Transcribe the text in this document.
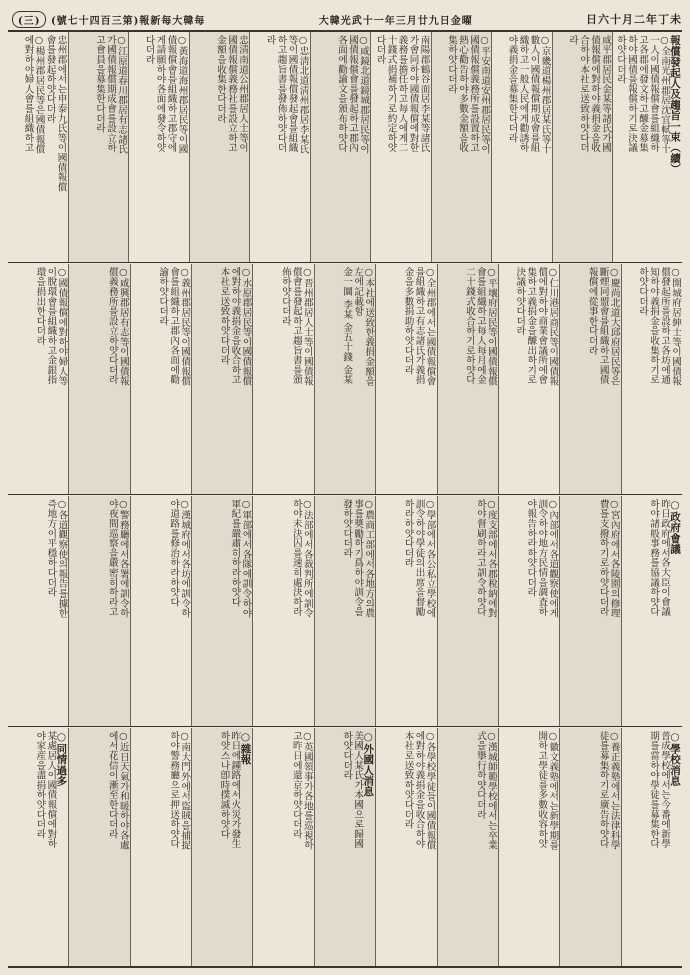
(三) (號七十四百三第)報新每大韓每	大韓光武十一年三月廿九日金曜	日六十月二年丁未
報償發起人及趨旨一束（續）
○全南光州郡居沈宜軾等十
一人이國債報償會를組織하
고各郡에發文하고醵金募集
하야國債를報償하기로決議
하얏다더라
咸平郡居民金某等諸氏가國
債報償에對하야義捐金을收
合하야本社로送致하얏다더
라
○京畿道楊州郡居某氏等十
數人이國債報償期成會를組
織하고一般人民에게勸誘하
야義捐金을募集한다더라
○平安南道安州郡居民等이
國債報償義務所를設置하고
熱心勸告하야多數金額을收
集하얏다더라
南陽郡鶴谷面居李某等諸氏
가會同하야國債報償에對한
義務를擔任하고每人에게二
十錢式捐補하기로約定하얏
다더라
○咸鏡北道鏡城郡居民等이
國債報償會를發起하고郡內
各面에勸諭文을頒布하얏다
○忠淸北道淸州郡居李某氏
等이國債報償發起會를組織
하고趨旨書를發佈하얏다더
라
忠淸南道公州郡居人士等이
國債報償義務社를設立하고
金額을收集한다더라
○黃海道海州郡居民等이國
債報償會를組織하고郡守에
게請願하야各面에發令하얏
다더라
○江原道春川郡居有志諸氏
가國債報償期成會를設立하
고會員을募集한다더라
忠州郡에서는申泰九氏等이國債報償
會를發起하얏다더라
○楊州郡居民等은國債報償
에對하야婦人會를組織하고
○開城府居紳士等이國債報
償發起所를設하고各坊에通
知하야義捐金을收集하기로
하얏다더라
○慶尚北道大邱府居民等은
斷煙同盟會를組織하고國債
報償에從事한다더라
○仁川港居商民等이國債報
償에對하야商業會議所에會
集하고義捐金을醵出하기로
決議하얏다더라
○平壤府居民等이國債報償
會를組織하고每人每月에金
二十錢式收合하기로하얏다
○全州郡에서는國債報償會
를組織하고有志諸氏가義捐
金을多數捐助하얏다더라
○本社에送致한義捐金額을
左에記載함
金一圜 李某 金五十錢 金某
○晋州郡居人士等이國債報
償會를發起하고趨旨書를頒
佈하얏다더라
○水原郡居民等이國債報償
에對하야義捐金을收合하고
本社로送致하얏다더라
○義州郡居民等이國債報償
會를組織하고郡內各面에勸
諭하얏다더라
○咸興郡居有志等이國債報
償義務所를設立하얏다더라
○國債報償에對하야婦人等
이脫環會를組織하고金銀指
環을捐出한다더라
○政府會議
昨日政府에서各大臣이會議
하야諸般事務를協議하얏다
○宮內府에서各陵園의修理
費를支撥하기로하얏다더라
○內部에서各道觀察使에게
訓令하야地方民情을調査하
야報告하라하얏다더라
○度支部에서各郡稅納에對
하야督刷하라고訓令하얏다
○學部에서各公私立學校에
訓令하야學徒의出席을督勵
하라하얏다더라
○農商工部에서各地方의農
事를奬勵하기爲하야訓令을
發하얏다더라
○法部에서各裁判所에訓令
하야未決囚를速히處決하라
○軍部에서各隊에訓令하야
軍紀를嚴肅히하라하얏다
○漢城府에서各坊에訓令하
야道路를修治하라하얏다
○警務廳에서各署에訓令하
야夜間巡察을嚴密히하라고
○各道觀察使의報告를據한
즉地方이平穩하다더라
○學校消息
普成學校에서는今番에新學
期를當하야學徒를募集한다
○養正義塾에서는法律科學
徒를募集하기로廣告하얏다
○徽文義塾에서는新學期를
開하고學徒를多數收容하얏
○漢城師範學校에서는卒業
式을擧行하얏다더라
○各學校學徒들이國債報償
에對하야義捐金을收合하야
本社로送致하얏다더라
○外國人消息
美國人某氏가本國으로歸國
하얏다더라
○英國領事가各地를巡視하
고昨日에還京하얏다더라
○雜報
昨日에鍾路에서火災가發生
하얏스나卽時撲滅하얏다
○南大門外에서盜賊을捕捉
하야警務廳으로押送하얏다
○近日天氣가和暖하야各處
에서花信이漸至한다더라
○同情過多
某處居人이國債報償에對하
야家産을盡捐하얏다더라
